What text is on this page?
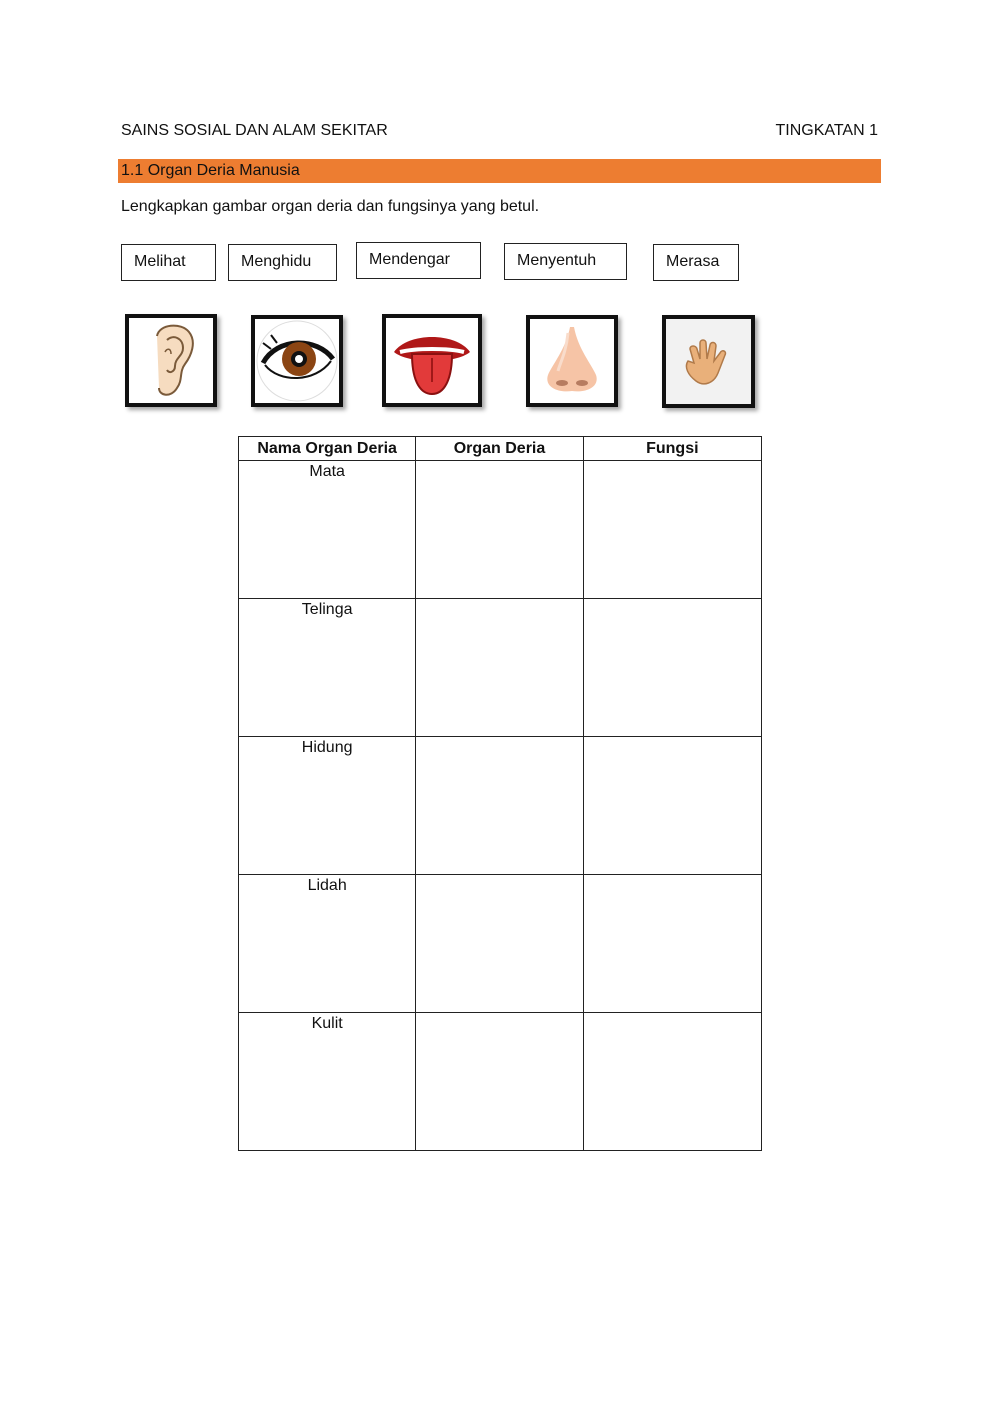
SAINS SOSIAL DAN ALAM SEKITAR	TINGKATAN 1
1.1 Organ Deria Manusia
Lengkapkan gambar organ deria dan fungsinya yang betul.
Melihat	Menghidu	Mendengar	Menyentuh	Merasa
Nama Organ Deria	Organ Deria	Fungsi
Mata		
Telinga		
Hidung		
Lidah		
Kulit		
